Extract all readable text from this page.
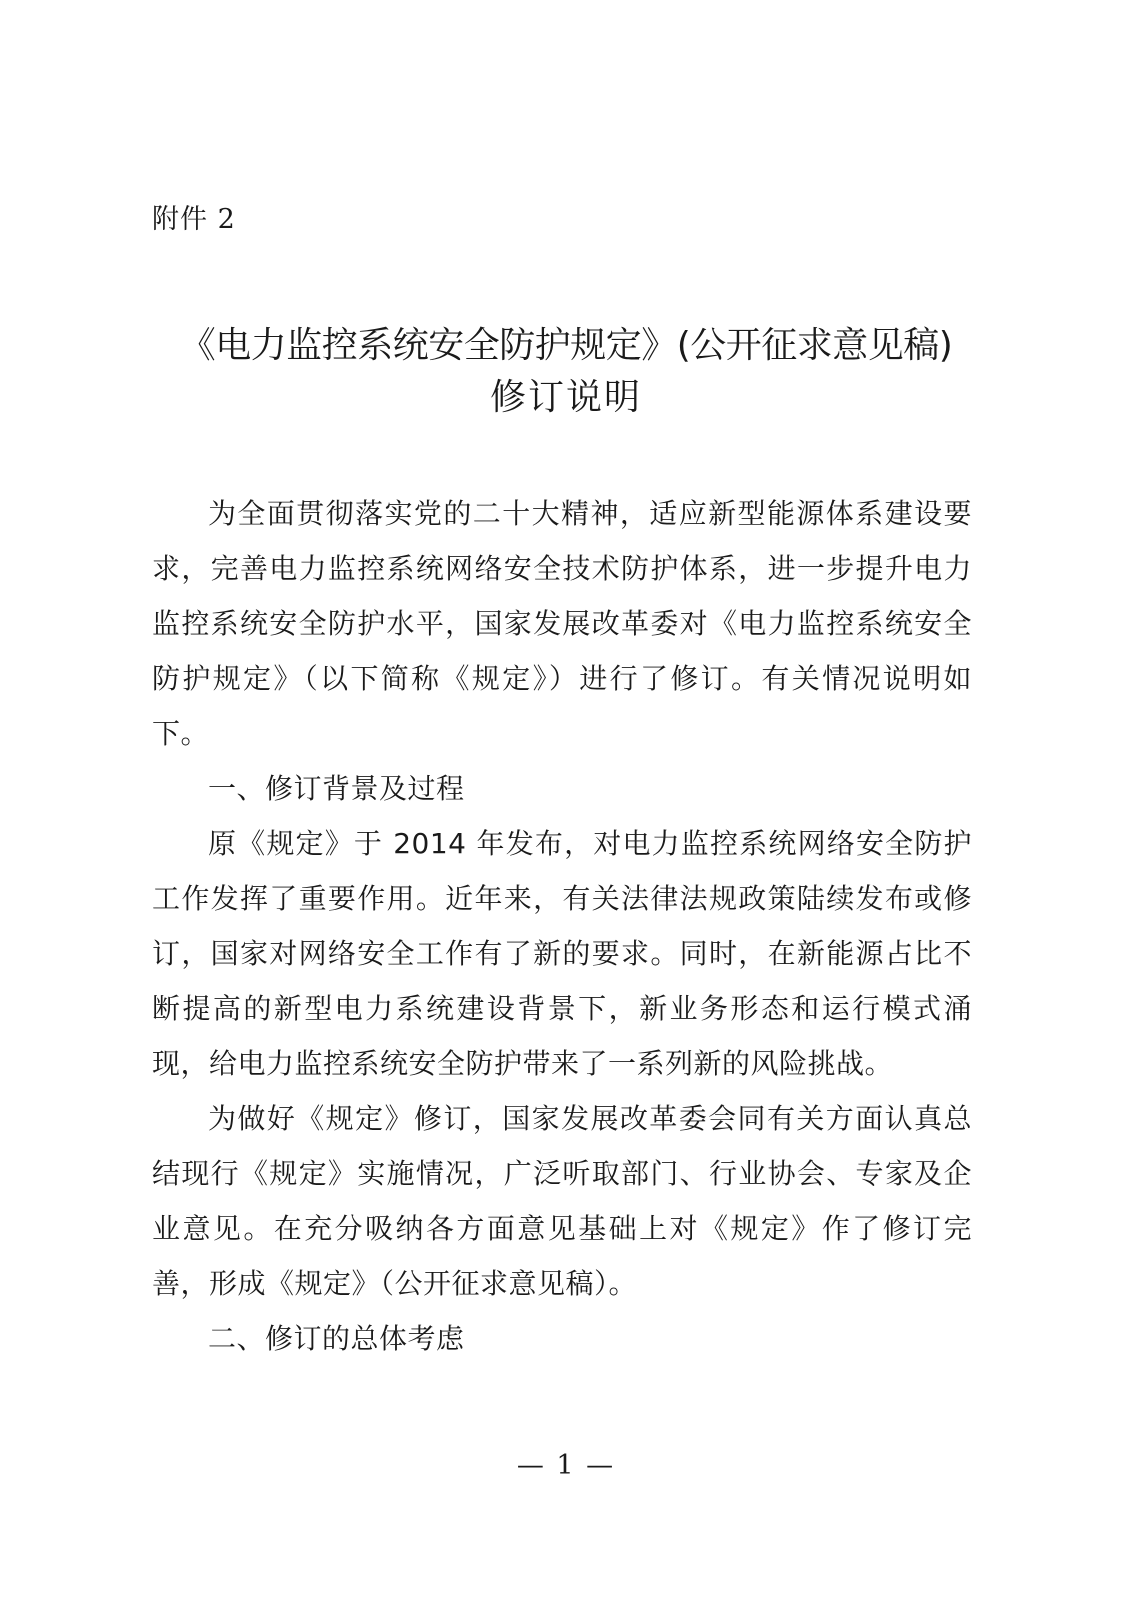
附件 2
《电力监控系统安全防护规定》(公开征求意见稿)
修订说明

为全面贯彻落实党的二十大精神，适应新型能源体系建设要求，完善电力监控系统网络安全技术防护体系，进一步提升电力监控系统安全防护水平，国家发展改革委对《电力监控系统安全防护规定》（以下简称《规定》）进行了修订。有关情况说明如下。

一、修订背景及过程

原《规定》于 2014 年发布，对电力监控系统网络安全防护工作发挥了重要作用。近年来，有关法律法规政策陆续发布或修订，国家对网络安全工作有了新的要求。同时，在新能源占比不断提高的新型电力系统建设背景下，新业务形态和运行模式涌现，给电力监控系统安全防护带来了一系列新的风险挑战。

为做好《规定》修订，国家发展改革委会同有关方面认真总结现行《规定》实施情况，广泛听取部门、行业协会、专家及企业意见。在充分吸纳各方面意见基础上对《规定》作了修订完善，形成《规定》（公开征求意见稿）。

二、修订的总体考虑

— 1 —
